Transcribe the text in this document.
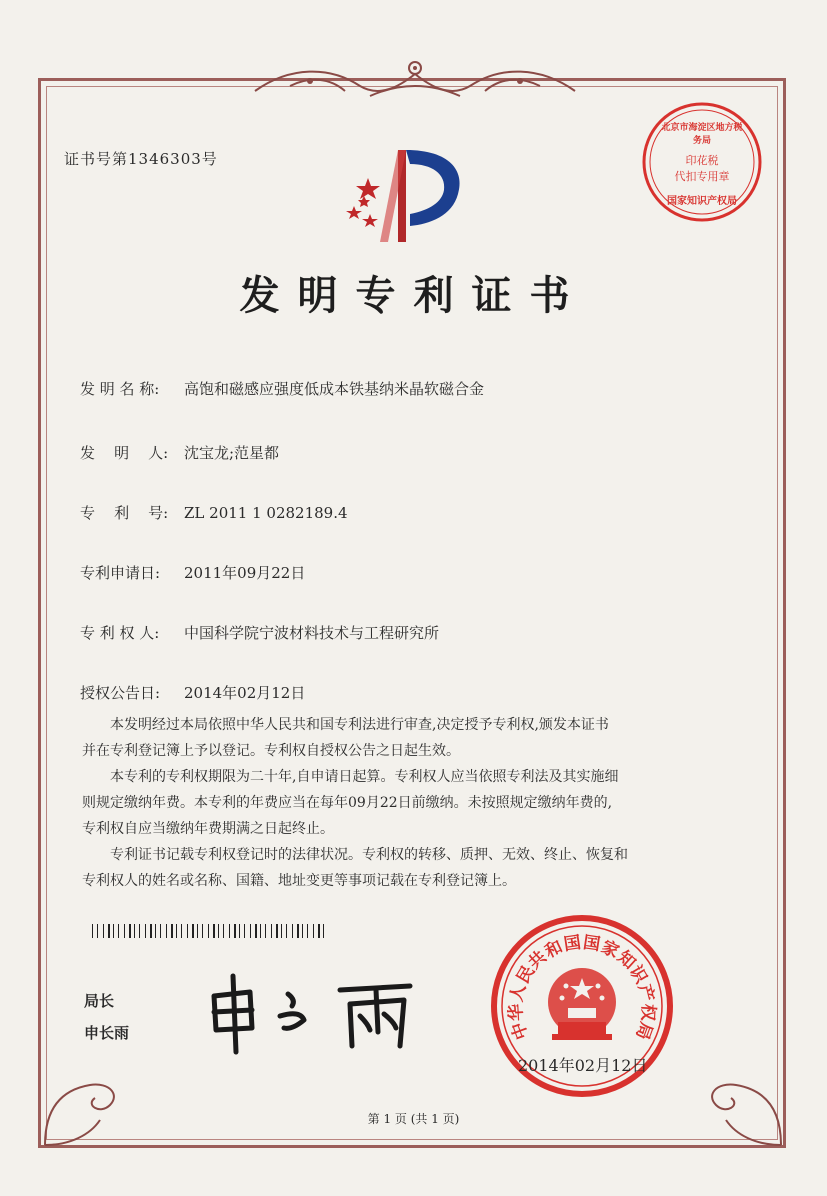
证书号第1346303号
北京市海淀区地方税务局
印花税
代扣专用章
国家知识产权局
发明专利证书
发 明 名 称: 高饱和磁感应强度低成本铁基纳米晶软磁合金
发    明    人: 沈宝龙;范星都
专    利    号: ZL 2011 1 0282189.4
专利申请日: 2011年09月22日
专 利 权 人: 中国科学院宁波材料技术与工程研究所
授权公告日: 2014年02月12日
本发明经过本局依照中华人民共和国专利法进行审查,决定授予专利权,颁发本证书
并在专利登记簿上予以登记。专利权自授权公告之日起生效。
本专利的专利权期限为二十年,自申请日起算。专利权人应当依照专利法及其实施细
则规定缴纳年费。本专利的年费应当在每年09月22日前缴纳。未按照规定缴纳年费的,
专利权自应当缴纳年费期满之日起终止。
专利证书记载专利权登记时的法律状况。专利权的转移、质押、无效、终止、恢复和
专利权人的姓名或名称、国籍、地址变更等事项记载在专利登记簿上。
局长
申长雨	中
华
人
民
共
和
国 国
家
知
识
产
权
局
2014年02月12日
第 1 页 (共 1 页)
